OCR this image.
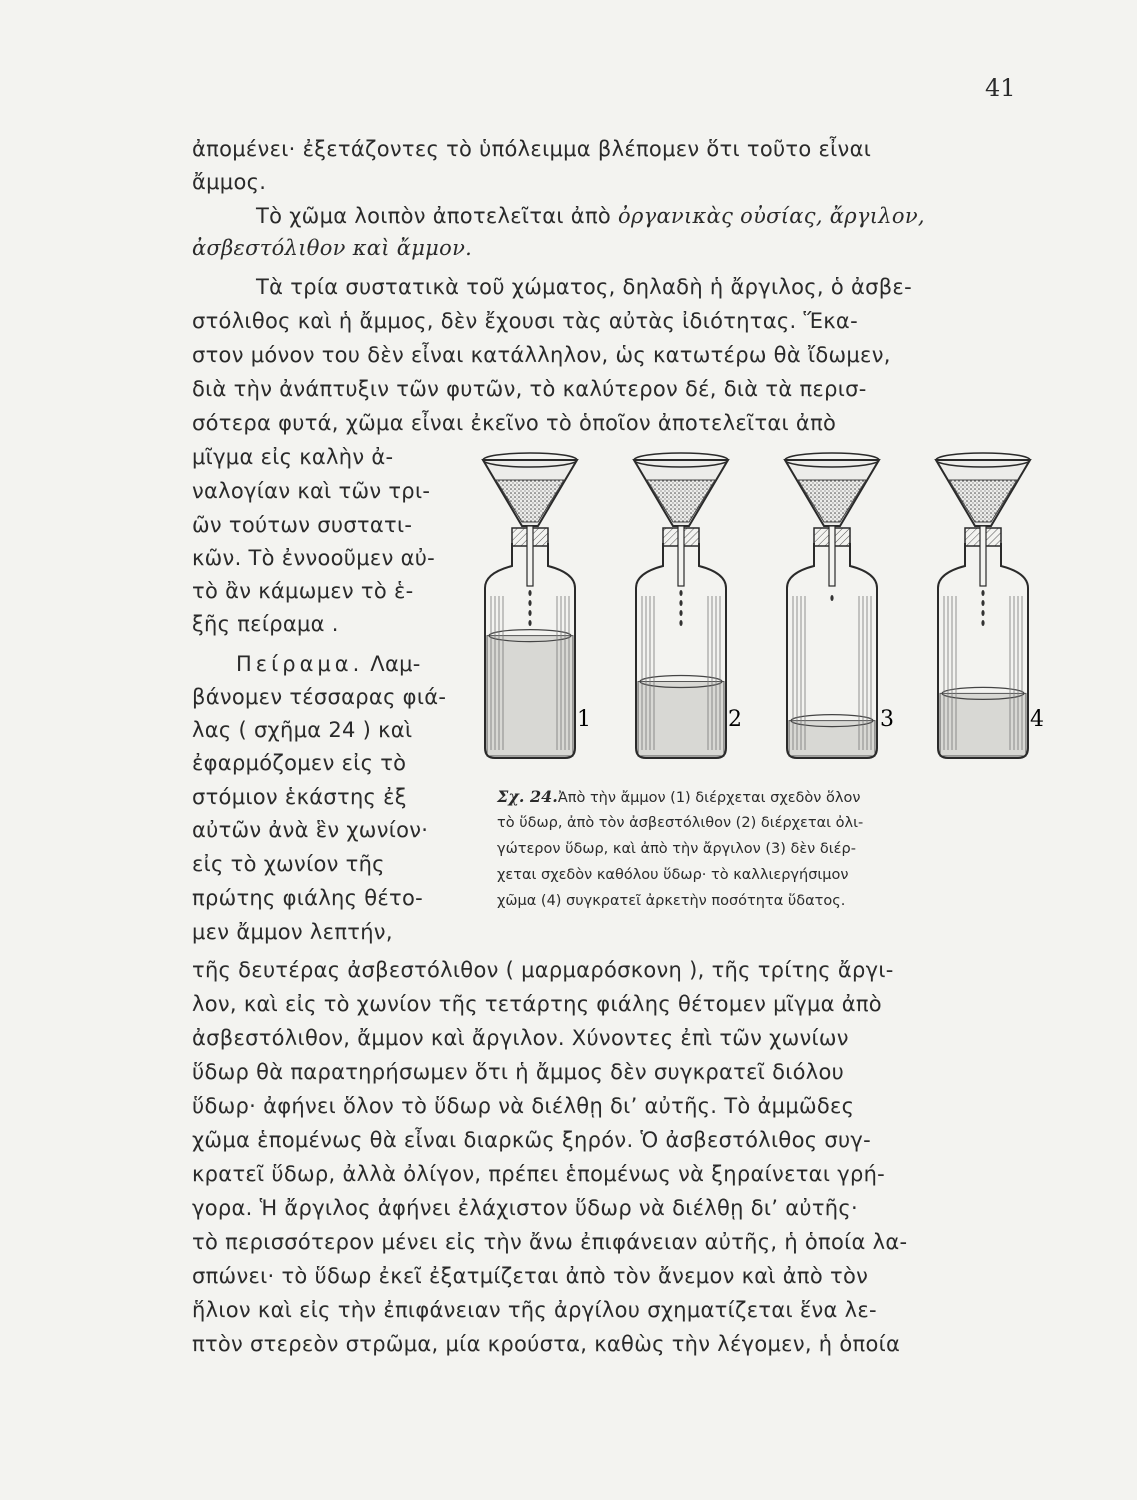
41
ἀπομένει· ἐξετάζοντες τὸ ὑπόλειμμα βλέπομεν ὅτι τοῦτο εἶναι
ἄμμος.
Τὸ χῶμα λοιπὸν ἀποτελεῖται ἀπὸ ὀργανικὰς οὐσίας, ἄργιλον,
ἀσβεστόλιθον καὶ ἄμμον.
Τὰ τρία συστατικὰ τοῦ χώματος, δηλαδὴ ἡ ἄργιλος, ὁ ἀσβε-
στόλιθος καὶ ἡ ἄμμος, δὲν ἔχουσι τὰς αὐτὰς ἰδιότητας. Ἕκα-
στον μόνον του δὲν εἶναι κατάλληλον, ὡς κατωτέρω θὰ ἴδωμεν,
διὰ τὴν ἀνάπτυξιν τῶν φυτῶν, τὸ καλύτερον δέ, διὰ τὰ περισ-
σότερα φυτά, χῶμα εἶναι ἐκεῖνο τὸ ὁποῖον ἀποτελεῖται ἀπὸ
μῖγμα εἰς καλὴν ἀ-
ναλογίαν καὶ τῶν τρι-
ῶν τούτων συστατι-
κῶν. Τὸ ἐννοοῦμεν αὐ-
τὸ ἂν κάμωμεν τὸ ἑ-
ξῆς πείραμα .
Πείραμα. Λαμ-
βάνομεν τέσσαρας φιά-
λας ( σχῆμα 24 ) καὶ
ἐφαρμόζομεν εἰς τὸ
στόμιον ἑκάστης ἐξ
αὐτῶν ἀνὰ ἓν χωνίον·
εἰς τὸ χωνίον τῆς
πρώτης φιάλης θέτο-
μεν ἄμμον λεπτήν,
τῆς δευτέρας ἀσβεστόλιθον ( μαρμαρόσκονη ), τῆς τρίτης ἄργι-
λον, καὶ εἰς τὸ χωνίον τῆς τετάρτης φιάλης θέτομεν μῖγμα ἀπὸ
ἀσβεστόλιθον, ἄμμον καὶ ἄργιλον. Χύνοντες ἐπὶ τῶν χωνίων
ὕδωρ θὰ παρατηρήσωμεν ὅτι ἡ ἄμμος δὲν συγκρατεῖ διόλου
ὕδωρ· ἀφήνει ὅλον τὸ ὕδωρ νὰ διέλθῃ δι’ αὐτῆς. Τὸ ἀμμῶδες
χῶμα ἑπομένως θὰ εἶναι διαρκῶς ξηρόν. Ὁ ἀσβεστόλιθος συγ-
κρατεῖ ὕδωρ, ἀλλὰ ὀλίγον, πρέπει ἑπομένως νὰ ξηραίνεται γρή-
γορα. Ἡ ἄργιλος ἀφήνει ἐλάχιστον ὕδωρ νὰ διέλθῃ δι’ αὐτῆς·
τὸ περισσότερον μένει εἰς τὴν ἄνω ἐπιφάνειαν αὐτῆς, ἡ ὁποία λα-
σπώνει· τὸ ὕδωρ ἐκεῖ ἐξατμίζεται ἀπὸ τὸν ἄνεμον καὶ ἀπὸ τὸν
ἥλιον καὶ εἰς τὴν ἐπιφάνειαν τῆς ἀργίλου σχηματίζεται ἕνα λε-
πτὸν στερεὸν στρῶμα, μία κρούστα, καθὼς τὴν λέγομεν, ἡ ὁποία
1	2	3	4
Σχ. 24.Ἀπὸ τὴν ἄμμον (1) διέρχεται σχεδὸν ὅλον
τὸ ὕδωρ, ἀπὸ τὸν ἀσβεστόλιθον (2) διέρχεται ὀλι-
γώτερον ὕδωρ, καὶ ἀπὸ τὴν ἄργιλον (3) δὲν διέρ-
χεται σχεδὸν καθόλου ὕδωρ· τὸ καλλιεργήσιμον
χῶμα (4) συγκρατεῖ ἀρκετὴν ποσότητα ὕδατος.
